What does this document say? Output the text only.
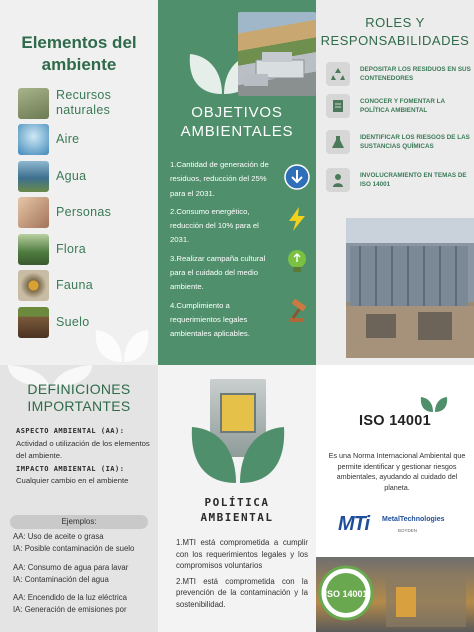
Elementos del ambiente
Recursos naturales
Aire
Agua
Personas
Flora
Fauna
Suelo
DEFINICIONES IMPORTANTES
ASPECTO AMBIENTAL (AA): Actividad o utilización de los elementos del ambiente.
IMPACTO AMBIENTAL (IA):
Cualquier cambio en el ambiente
Ejemplos:
AA: Uso de aceite o grasa
IA: Posible contaminación de suelo
AA: Consumo de agua para lavar
IA: Contaminación del agua
AA: Encendido de la luz eléctrica
IA: Generación de emisiones por
OBJETIVOS AMBIENTALES
1.Cantidad de generación de residuos, reducción del 25% para el 2031.
2.Consumo energético, reducción del 10% para el 2031.
3.Realizar campaña cultural para el cuidado del medio ambiente.
4.Cumplimiento a requerimientos legales ambientales aplicables.
POLÍTICA AMBIENTAL
1.MTI está comprometida a cumplir con los requerimientos legales y los compromisos voluntarios
2.MTI está comprometida con la prevención de la contaminación y la sostenibilidad.
ROLES Y RESPONSABILIDADES
DEPOSITAR LOS RESIDUOS EN SUS CONTENEDORES
CONOCER Y FOMENTAR LA POLÍTICA AMBIENTAL
IDENTIFICAR LOS RIESGOS DE LAS SUSTANCIAS QUÍMICAS
INVOLUCRAMIENTO EN TEMAS DE ISO 14001
ISO 14001
Es una Norma Internacional Ambiental que permite identificar y gestionar riesgos ambientales, ayudando al cuidado del planeta.
MTi MetalTechnologies
BOYDEN
ISO 14001
